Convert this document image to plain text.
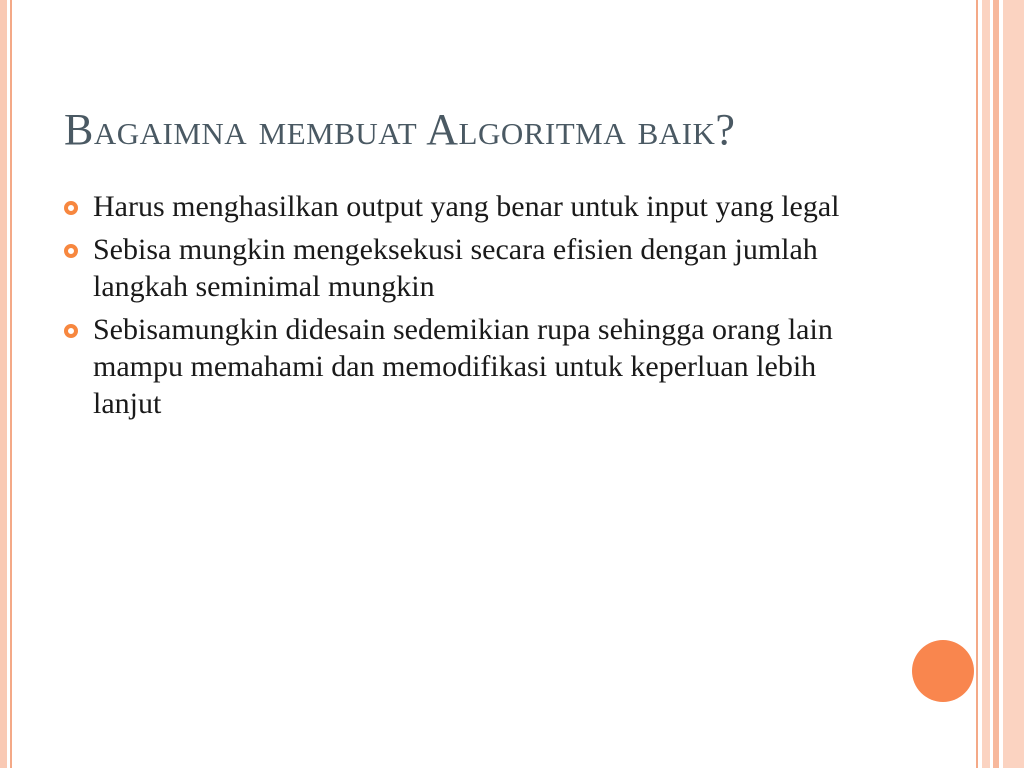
Bagaimna membuat Algoritma baik?
Harus menghasilkan output yang benar untuk input yang legal
Sebisa mungkin mengeksekusi secara efisien dengan jumlah langkah seminimal mungkin
Sebisamungkin didesain sedemikian rupa sehingga orang lain mampu memahami dan memodifikasi untuk keperluan lebih lanjut
